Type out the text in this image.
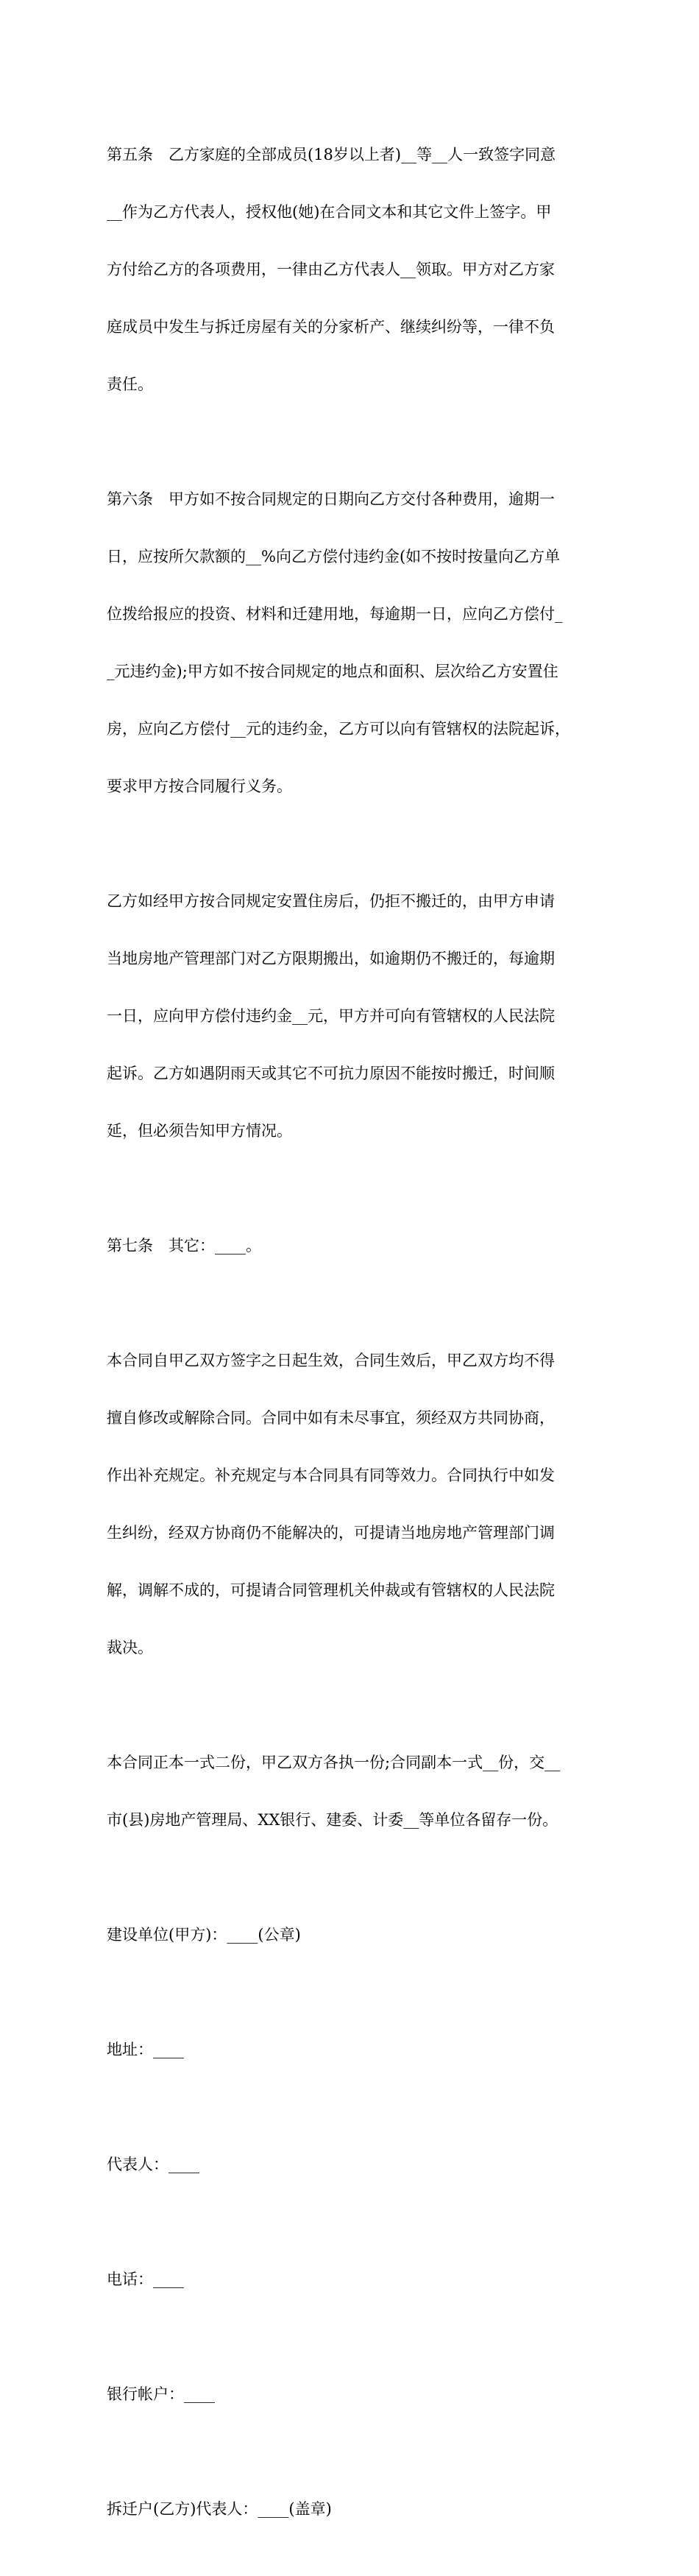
第五条　乙方家庭的全部成员(18岁以上者)__等__人一致签字同意

__作为乙方代表人，授权他(她)在合同文本和其它文件上签字。甲

方付给乙方的各项费用，一律由乙方代表人__领取。甲方对乙方家

庭成员中发生与拆迁房屋有关的分家析产、继续纠纷等，一律不负

责任。

第六条　甲方如不按合同规定的日期向乙方交付各种费用，逾期一

日，应按所欠款额的__%向乙方偿付违约金(如不按时按量向乙方单

位拨给报应的投资、材料和迁建用地，每逾期一日，应向乙方偿付_

_元违约金);甲方如不按合同规定的地点和面积、层次给乙方安置住

房，应向乙方偿付__元的违约金，乙方可以向有管辖权的法院起诉，

要求甲方按合同履行义务。

乙方如经甲方按合同规定安置住房后，仍拒不搬迁的，由甲方申请

当地房地产管理部门对乙方限期搬出，如逾期仍不搬迁的，每逾期

一日，应向甲方偿付违约金__元，甲方并可向有管辖权的人民法院

起诉。乙方如遇阴雨天或其它不可抗力原因不能按时搬迁，时间顺

延，但必须告知甲方情况。

第七条　其它：____。

本合同自甲乙双方签字之日起生效，合同生效后，甲乙双方均不得

擅自修改或解除合同。合同中如有未尽事宜，须经双方共同协商，

作出补充规定。补充规定与本合同具有同等效力。合同执行中如发

生纠纷，经双方协商仍不能解决的，可提请当地房地产管理部门调

解，调解不成的，可提请合同管理机关仲裁或有管辖权的人民法院

裁决。

本合同正本一式二份，甲乙双方各执一份;合同副本一式__份，交__

市(县)房地产管理局、XX银行、建委、计委__等单位各留存一份。

建设单位(甲方)：____(公章)

地址：____

代表人：____

电话：____

银行帐户：____

拆迁户(乙方)代表人：____(盖章)
